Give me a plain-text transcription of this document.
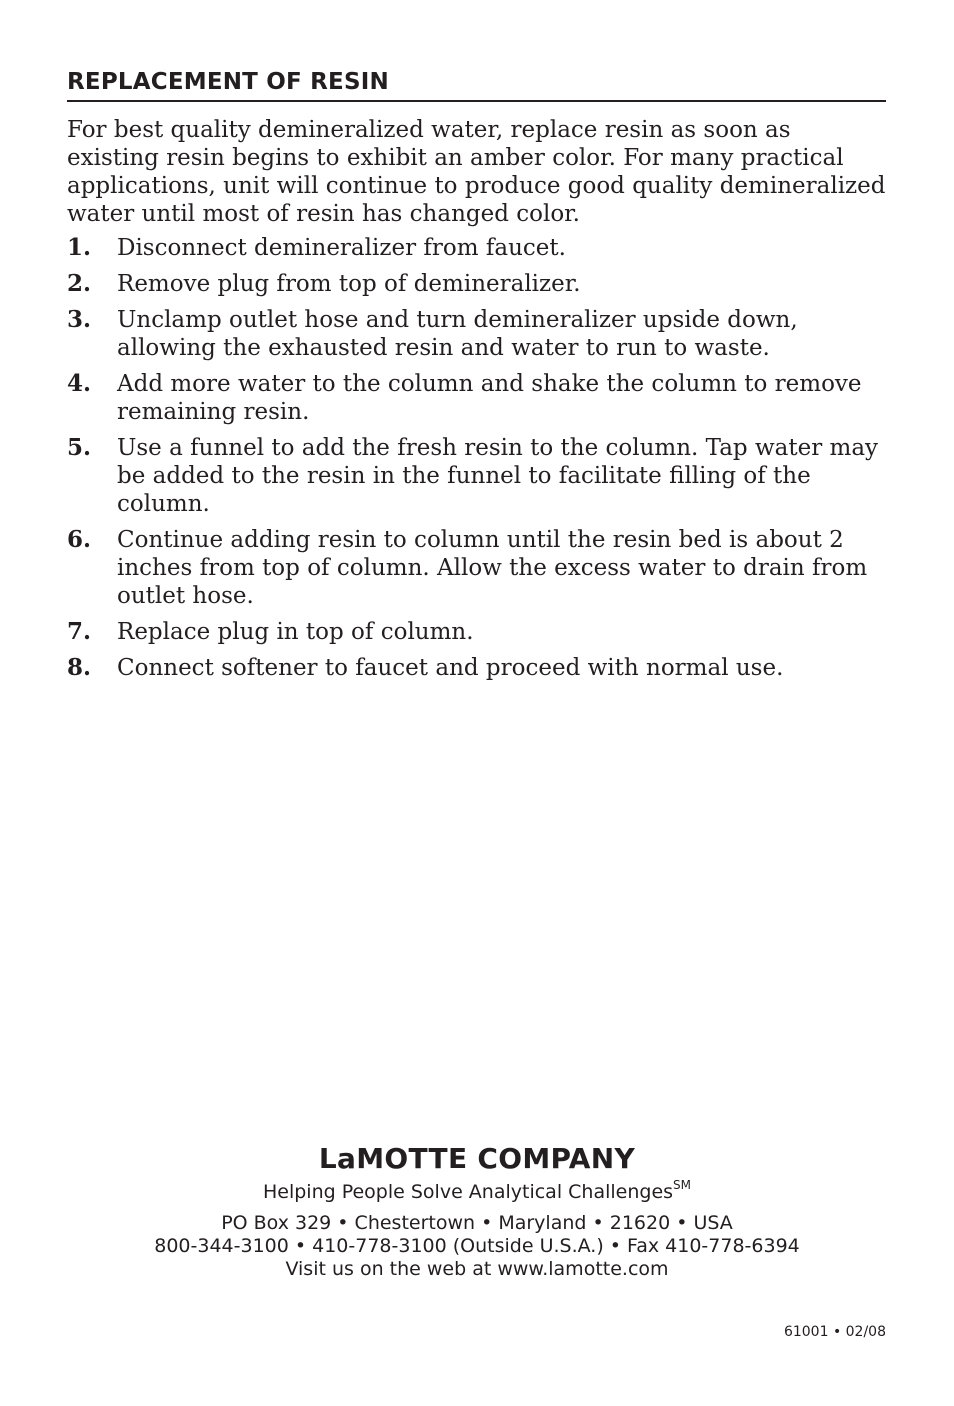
REPLACEMENT OF RESIN
For best quality demineralized water, replace resin as soon as existing resin begins to exhibit an amber color. For many practical applications, unit will continue to produce good quality demineralized water until most of resin has changed color.
1.	Disconnect demineralizer from faucet.
2.	Remove plug from top of demineralizer.
3.	Unclamp outlet hose and turn demineralizer upside down, allowing the exhausted resin and water to run to waste.
4.	Add more water to the column and shake the column to remove remaining resin.
5.	Use a funnel to add the fresh resin to the column. Tap water may be added to the resin in the funnel to facilitate filling of the column.
6.	Continue adding resin to column until the resin bed is about 2 inches from top of column. Allow the excess water to drain from outlet hose.
7.	Replace plug in top of column.
8.	Connect softener to faucet and proceed with normal use.
LaMOTTE COMPANY
Helping People Solve Analytical Challenges℠
PO Box 329 • Chestertown • Maryland • 21620 • USA
800-344-3100 • 410-778-3100 (Outside U.S.A.) • Fax 410-778-6394
Visit us on the web at www.lamotte.com
61001 • 02/08
